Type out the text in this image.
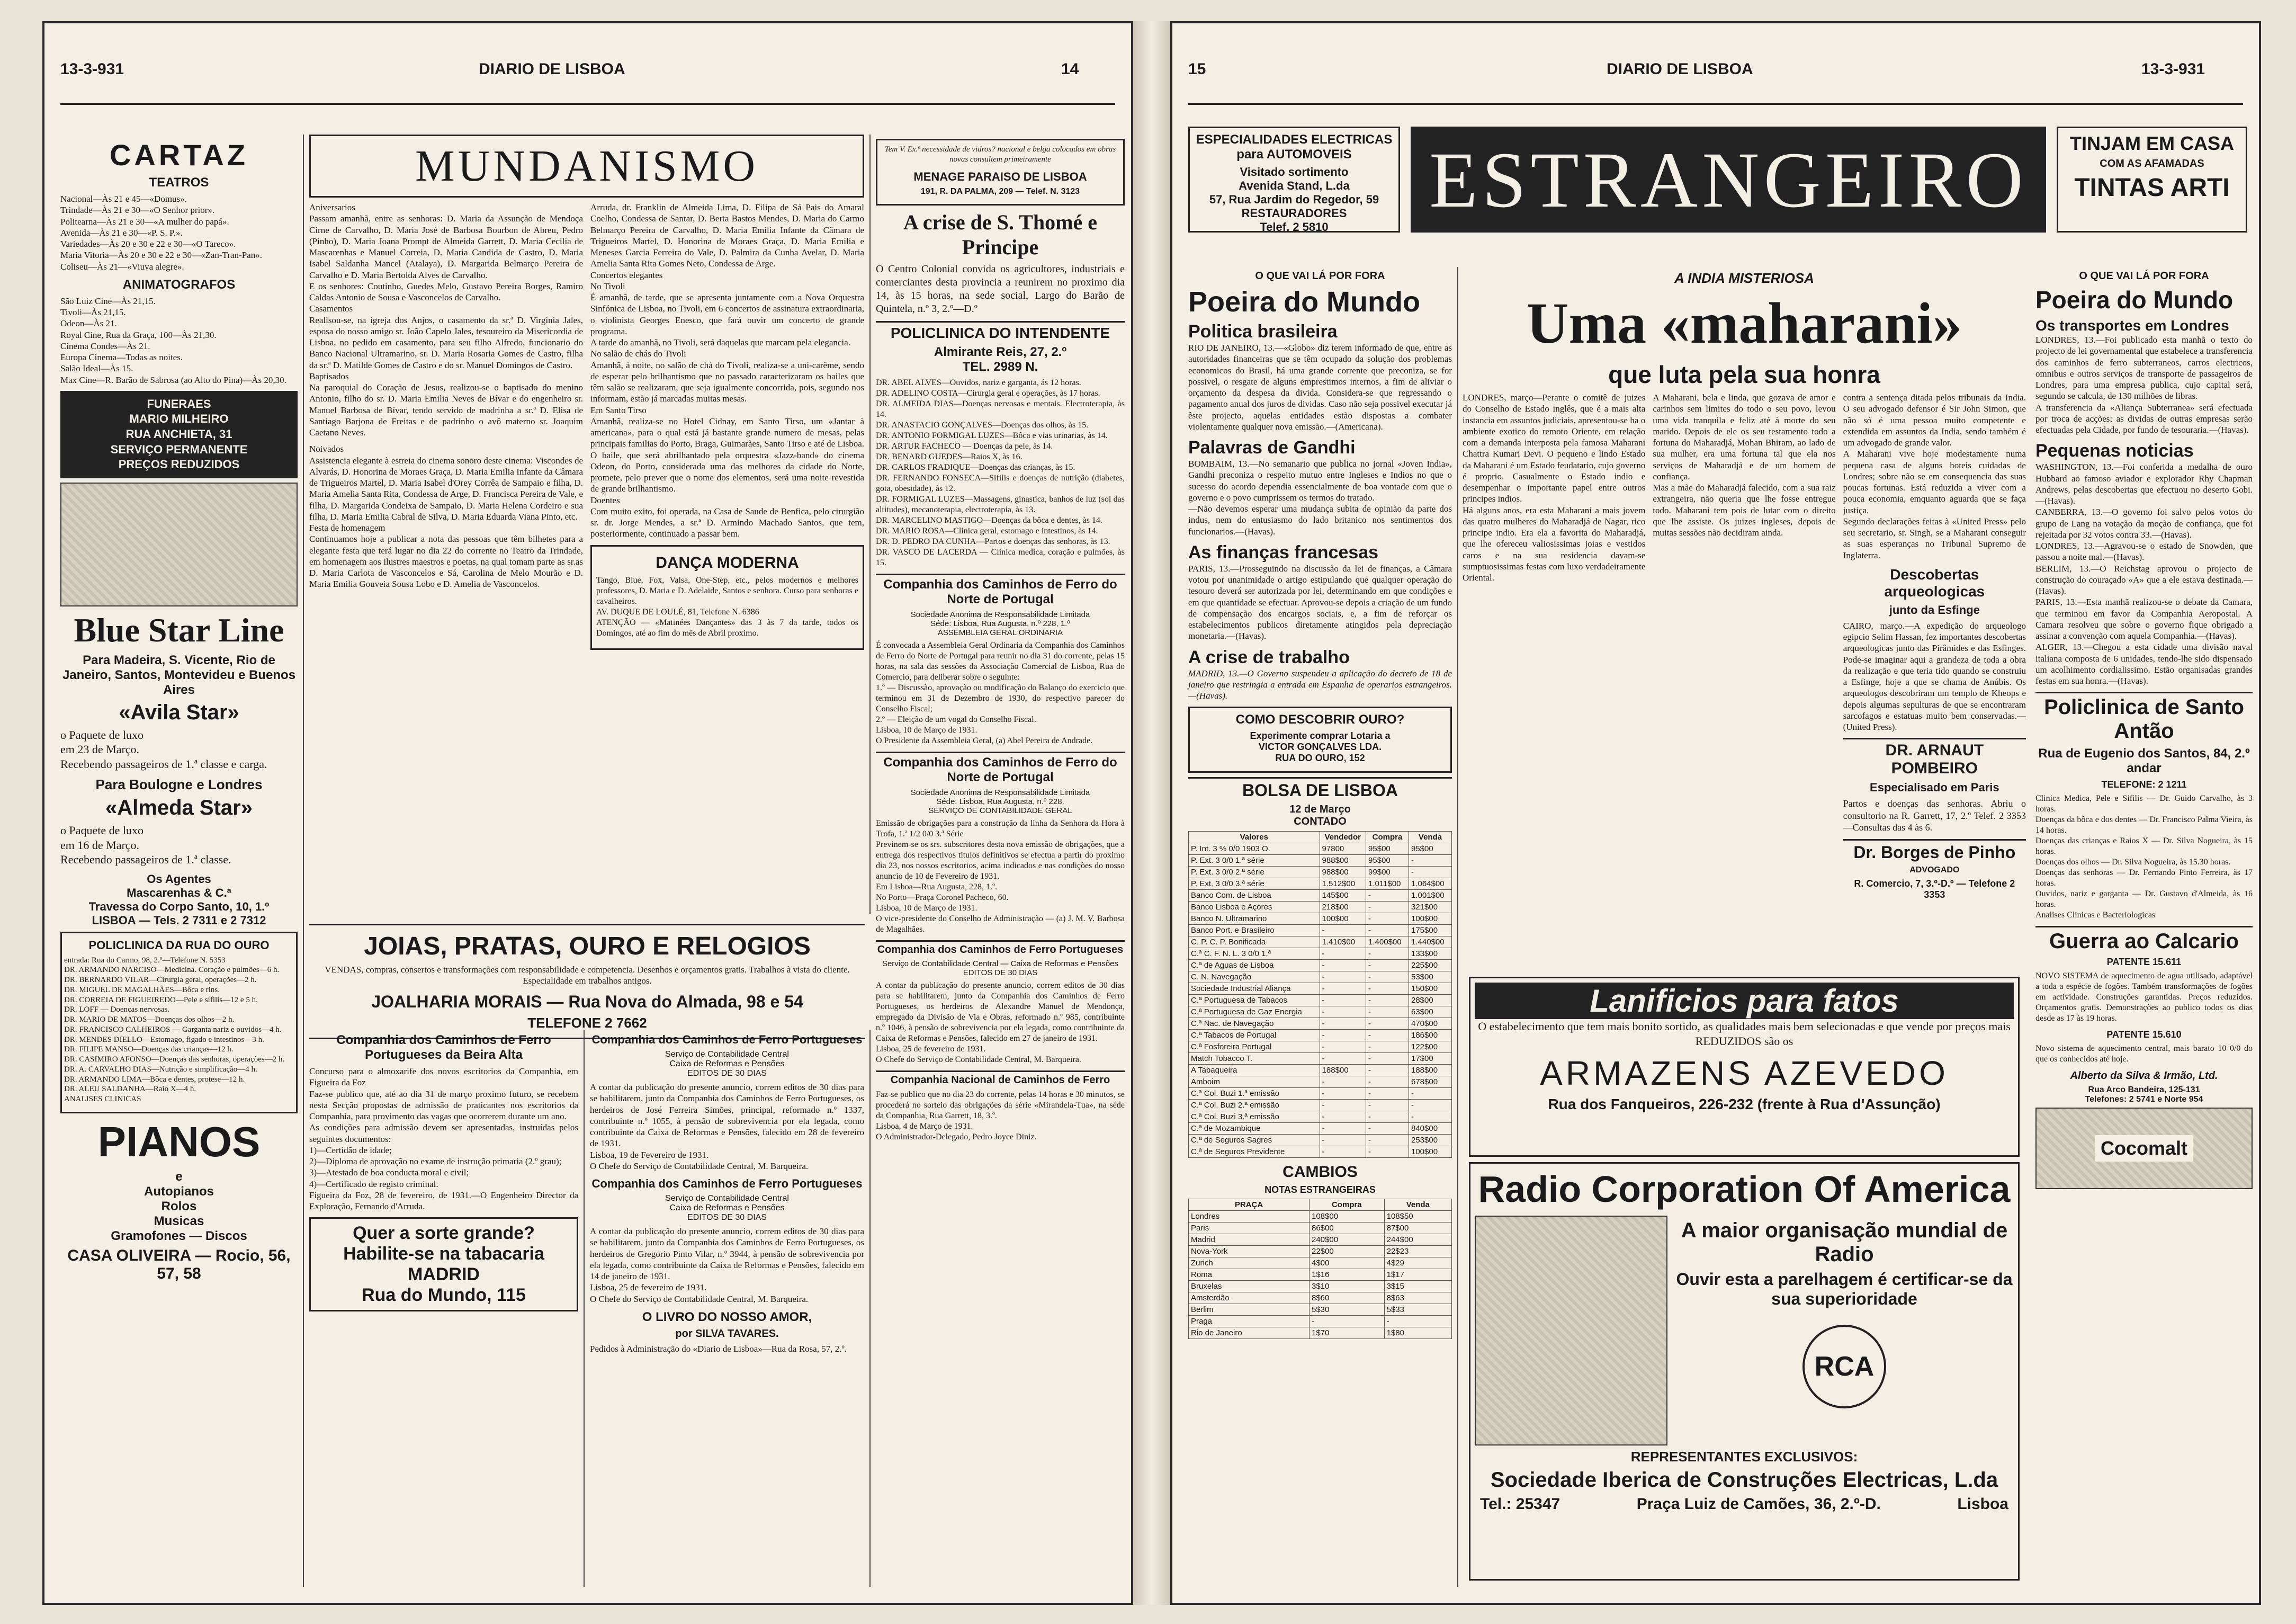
13-3-931	DIARIO DE LISBOA	14
CARTAZ
TEATROS
Nacional—Às 21 e 45—«Domus».
Trindade—Às 21 e 30—«O Senhor prior».
Politearna—Às 21 e 30—«A mulher do papá».
Avenida—Às 21 e 30—«P. S. P.».
Variedades—Às 20 e 30 e 22 e 30—«O Tareco».
Maria Vitoria—Às 20 e 30 e 22 e 30—«Zan-Tran-Pan».
Coliseu—Às 21—«Viuva alegre».
ANIMATOGRAFOS
São Luiz Cine—Às 21,15.
Tivoli—Às 21,15.
Odeon—Às 21.
Royal Cine, Rua da Graça, 100—Às 21,30.
Cinema Condes—Às 21.
Europa Cinema—Todas as noites.
Salão Ideal—Às 15.
Max Cine—R. Barão de Sabrosa (ao Alto do Pina)—Às 20,30.
FUNERAES
MARIO MILHEIRO
RUA ANCHIETA, 31
SERVIÇO PERMANENTE
PREÇOS REDUZIDOS
Blue Star Line
Para Madeira, S. Vicente, Rio de Janeiro, Santos, Montevideu e Buenos Aires
«Avila Star»
o Paquete de luxo
em 23 de Março.
Recebendo passageiros de 1.ª classe e carga.
Para Boulogne e Londres
«Almeda Star»
o Paquete de luxo
em 16 de Março.
Recebendo passageiros de 1.ª classe.
Os Agentes
Mascarenhas & C.ª
Travessa do Corpo Santo, 10, 1.º
LISBOA — Tels. 2 7311 e 2 7312
POLICLINICA DA RUA DO OURO
entrada: Rua do Carmo, 98, 2.º—Telefone N. 5353
DR. ARMANDO NARCISO—Medicina. Coração e pulmões—6 h.
DR. BERNARDO VILAR—Cirurgia geral, operações—2 h.
DR. MIGUEL DE MAGALHÃES—Bôca e rins.
DR. CORREIA DE FIGUEIREDO—Pele e sífilis—12 e 5 h.
DR. LOFF — Doenças nervosas.
DR. MARIO DE MATOS—Doenças dos olhos—2 h.
DR. FRANCISCO CALHEIROS — Garganta nariz e ouvidos—4 h.
DR. MENDES DIELLO—Estomago, figado e intestinos—3 h.
DR. FILIPE MANSO—Doenças das crianças—12 h.
DR. CASIMIRO AFONSO—Doenças das senhoras, operações—2 h.
DR. A. CARVALHO DIAS—Nutrição e simplificação—4 h.
DR. ARMANDO LIMA—Bôca e dentes, protese—12 h.
DR. ALEU SALDANHA—Raio X—4 h.
ANALISES CLINICAS
PIANOS
e
Autopianos
Rolos
Musicas
Gramofones — Discos
CASA OLIVEIRA — Rocio, 56, 57, 58
MUNDANISMO
Aniversarios
Passam amanhã, entre as senhoras: D. Maria da Assunção de Mendoça Cirne de Carvalho, D. Maria José de Barbosa Bourbon de Abreu, Pedro (Pinho), D. Maria Joana Prompt de Almeida Garrett, D. Maria Cecilia de Mascarenhas e Manuel Correia, D. Maria Candida de Castro, D. Maria Isabel Saldanha Mancel (Atalaya), D. Margarida Belmarço Pereira de Carvalho e D. Maria Bertolda Alves de Carvalho.
E os senhores: Coutinho, Guedes Melo, Gustavo Pereira Borges, Ramiro Caldas Antonio de Sousa e Vasconcelos de Carvalho.
Casamentos
Realisou-se, na igreja dos Anjos, o casamento da sr.ª D. Virginia Jales, esposa do nosso amigo sr. João Capelo Jales, tesoureiro da Misericordia de Lisboa, no pedido em casamento, para seu filho Alfredo, funcionario do Banco Nacional Ultramarino, sr. D. Maria Rosaria Gomes de Castro, filha da sr.ª D. Matilde Gomes de Castro e do sr. Manuel Domingos de Castro.
Baptisados
Na paroquial do Coração de Jesus, realizou-se o baptisado do menino Antonio, filho do sr. D. Maria Emilia Neves de Bívar e do engenheiro sr. Manuel Barbosa de Bívar, tendo servido de madrinha a sr.ª D. Elisa de Santiago Barjona de Freitas e de padrinho o avô materno sr. Joaquim Caetano Neves.
Noivados
Assistencia elegante à estreia do cinema sonoro deste cinema: Viscondes de Alvarás, D. Honorina de Moraes Graça, D. Maria Emilia Infante da Câmara de Trigueiros Martel, D. Maria Isabel d'Orey Corrêa de Sampaio e filha, D. Maria Amelia Santa Rita, Condessa de Arge, D. Francisca Pereira de Vale, e filha, D. Margarida Condeixa de Sampaio, D. Maria Helena Cordeiro e sua filha, D. Maria Emilia Cabral de Silva, D. Maria Eduarda Viana Pinto, etc.
Festa de homenagem
Continuamos hoje a publicar a nota das pessoas que têm bilhetes para a elegante festa que terá lugar no dia 22 do corrente no Teatro da Trindade, em homenagem aos ilustres maestros e poetas, na qual tomam parte as sr.as D. Maria Carlota de Vasconcelos e Sá, Carolina de Melo Mourão e D. Maria Emilia Gouveia Sousa Lobo e D. Amelia de Vasconcelos.
Arruda, dr. Franklin de Almeida Lima, D. Filipa de Sá Pais do Amaral Coelho, Condessa de Santar, D. Berta Bastos Mendes, D. Maria do Carmo Belmarço Pereira de Carvalho, D. Maria Emilia Infante da Câmara de Trigueiros Martel, D. Honorina de Moraes Graça, D. Maria Emilia e Meneses Garcia Ferreira do Vale, D. Palmira da Cunha Avelar, D. Maria Amelia Santa Rita Gomes Neto, Condessa de Arge.
Concertos elegantes
No Tivoli
É amanhã, de tarde, que se apresenta juntamente com a Nova Orquestra Sinfónica de Lisboa, no Tivoli, em 6 concertos de assinatura extraordinaria, o violinista Georges Enesco, que fará ouvir um concerto de grande programa.
A tarde do amanhã, no Tivoli, será daquelas que marcam pela elegancia.
No salão de chás do Tivoli
Amanhã, à noite, no salão de chá do Tivoli, realiza-se a uni-carême, sendo de esperar pelo brilhantismo que no passado caracterizaram os bailes que têm salão se realizaram, que seja igualmente concorrida, pois, segundo nos informam, estão já marcadas muitas mesas.
Em Santo Tirso
Amanhã, realiza-se no Hotel Cidnay, em Santo Tirso, um «Jantar à americana», para o qual está já bastante grande numero de mesas, pelas principais familias do Porto, Braga, Guimarães, Santo Tirso e até de Lisboa.
O baile, que será abrilhantado pela orquestra «Jazz-band» do cinema Odeon, do Porto, considerada uma das melhores da cidade do Norte, promete, pelo prever que o nome dos elementos, será uma noite revestida de grande brilhantismo.
Doentes
Com muito exito, foi operada, na Casa de Saude de Benfica, pelo cirurgião sr. dr. Jorge Mendes, a sr.ª D. Armindo Machado Santos, que tem, posteriormente, continuado a passar bem.
DANÇA MODERNA
Tango, Blue, Fox, Valsa, One-Step, etc., pelos modernos e melhores professores, D. Maria e D. Adelaide, Santos e senhora. Curso para senhoras e cavalheiros.
AV. DUQUE DE LOULÉ, 81, Telefone N. 6386
ATENÇÃO — «Matinées Dançantes» das 3 às 7 da tarde, todos os Domingos, até ao fim do mês de Abril proximo.
JOIAS, PRATAS, OURO E RELOGIOS
VENDAS, compras, consertos e transformações com responsabilidade e competencia. Desenhos e orçamentos gratis. Trabalhos à vista do cliente. Especialidade em trabalhos antigos.
JOALHARIA MORAIS — Rua Nova do Almada, 98 e 54
TELEFONE 2 7662
Companhia dos Caminhos de Ferro Portugueses da Beira Alta
Concurso para o almoxarife dos novos escritorios da Companhia, em Figueira da Foz
Faz-se publico que, até ao dia 31 de março proximo futuro, se recebem nesta Secção propostas de admissão de praticantes nos escritorios da Companhia, para provimento das vagas que ocorrerem durante um ano.
As condições para admissão devem ser apresentadas, instruídas pelos seguintes documentos:
1)—Certidão de idade;
2)—Diploma de aprovação no exame de instrução primaria (2.º grau);
3)—Atestado de boa conducta moral e civil;
4)—Certificado de registo criminal.
Figueira da Foz, 28 de fevereiro, de 1931.—O Engenheiro Director da Exploração, Fernando d'Arruda.
Quer a sorte grande?
Habilite-se na tabacaria MADRID
Rua do Mundo, 115
Companhia dos Caminhos de Ferro Portugueses
Serviço de Contabilidade Central
Caixa de Reformas e Pensões
EDITOS DE 30 DIAS
A contar da publicação do presente anuncio, correm editos de 30 dias para se habilitarem, junto da Companhia dos Caminhos de Ferro Portugueses, os herdeiros de José Ferreira Simões, principal, reformado n.º 1337, contribuinte n.º 1055, à pensão de sobrevivencia por ela legada, como contribuinte da Caixa de Reformas e Pensões, falecido em 28 de fevereiro de 1931.
Lisboa, 19 de Fevereiro de 1931.
O Chefe do Serviço de Contabilidade Central, M. Barqueira.
Companhia dos Caminhos de Ferro Portugueses
Serviço de Contabilidade Central
Caixa de Reformas e Pensões
EDITOS DE 30 DIAS
A contar da publicação do presente anuncio, correm editos de 30 dias para se habilitarem, junto da Companhia dos Caminhos de Ferro Portugueses, os herdeiros de Gregorio Pinto Vilar, n.º 3944, à pensão de sobrevivencia por ela legada, como contribuinte da Caixa de Reformas e Pensões, falecido em 14 de janeiro de 1931.
Lisboa, 25 de fevereiro de 1931.
O Chefe do Serviço de Contabilidade Central, M. Barqueira.
O LIVRO DO NOSSO AMOR,
por SILVA TAVARES.
Pedidos à Administração do «Diario de Lisboa»—Rua da Rosa, 57, 2.º.
Tem V. Ex.ª necessidade de vidros? nacional e belga colocados em obras novas consultem primeiramente
MENAGE PARAISO DE LISBOA
191, R. DA PALMA, 209 — Telef. N. 3123
A crise de S. Thomé e Principe
O Centro Colonial convida os agricultores, industriais e comerciantes desta provincia a reunirem no proximo dia 14, às 15 horas, na sede social, Largo do Barão de Quintela, n.º 3, 2.º—D.º
POLICLINICA DO INTENDENTE
Almirante Reis, 27, 2.º
TEL. 2989 N.
DR. ABEL ALVES—Ouvidos, nariz e garganta, ás 12 horas.
DR. ADELINO COSTA—Cirurgia geral e operações, às 17 horas.
DR. ALMEIDA DIAS—Doenças nervosas e mentais. Electroterapia, às 14.
DR. ANASTACIO GONÇALVES—Doenças dos olhos, às 15.
DR. ANTONIO FORMIGAL LUZES—Bôca e vias urinarias, às 14.
DR. ARTUR FACHECO — Doenças da pele, às 14.
DR. BENARD GUEDES—Raios X, às 16.
DR. CARLOS FRADIQUE—Doenças das crianças, às 15.
DR. FERNANDO FONSECA—Sifilis e doenças de nutrição (diabetes, gota, obesidade), às 12.
DR. FORMIGAL LUZES—Massagens, ginastica, banhos de luz (sol das altitudes), mecanoterapia, electroterapia, às 13.
DR. MARCELINO MASTIGO—Doenças da bôca e dentes, às 14.
DR. MARIO ROSA—Clinica geral, estomago e intestinos, às 14.
DR. D. PEDRO DA CUNHA—Partos e doenças das senhoras, às 13.
DR. VASCO DE LACERDA — Clinica medica, coração e pulmões, às 15.
Companhia dos Caminhos de Ferro do Norte de Portugal
Sociedade Anonima de Responsabilidade Limitada
Séde: Lisboa, Rua Augusta, n.º 228, 1.º
ASSEMBLEIA GERAL ORDINARIA
É convocada a Assembleia Geral Ordinaria da Companhia dos Caminhos de Ferro do Norte de Portugal para reunir no dia 31 do corrente, pelas 15 horas, na sala das sessões da Associação Comercial de Lisboa, Rua do Comercio, para deliberar sobre o seguinte:
1.º — Discussão, aprovação ou modificação do Balanço do exercicio que terminou em 31 de Dezembro de 1930, do respectivo parecer do Conselho Fiscal;
2.º — Eleição de um vogal do Conselho Fiscal.
Lisboa, 10 de Março de 1931.
O Presidente da Assembleia Geral, (a) Abel Pereira de Andrade.
Companhia dos Caminhos de Ferro do Norte de Portugal
Sociedade Anonima de Responsabilidade Limitada
Séde: Lisboa, Rua Augusta, n.º 228.
SERVIÇO DE CONTABILIDADE GERAL
Emissão de obrigações para a construção da linha da Senhora da Hora à Trofa, 1.ª 1/2 0/0 3.ª Série
Previnem-se os srs. subscritores desta nova emissão de obrigações, que a entrega dos respectivos titulos definitivos se efectua a partir do proximo dia 23, nos nossos escritorios, acima indicados e nas condições do nosso anuncio de 10 de Fevereiro de 1931.
Em Lisboa—Rua Augusta, 228, 1.º.
No Porto—Praça Coronel Pacheco, 60.
Lisboa, 10 de Março de 1931.
O vice-presidente do Conselho de Administração — (a) J. M. V. Barbosa de Magalhães.
Companhia dos Caminhos de Ferro Portugueses
Serviço de Contabilidade Central — Caixa de Reformas e Pensões
EDITOS DE 30 DIAS
A contar da publicação do presente anuncio, correm editos de 30 dias para se habilitarem, junto da Companhia dos Caminhos de Ferro Portugueses, os herdeiros de Alexandre Manuel de Mendonça, empregado da Divisão de Via e Obras, reformado n.º 985, contribuinte n.º 1046, à pensão de sobrevivencia por ela legada, como contribuinte da Caixa de Reformas e Pensões, falecido em 27 de janeiro de 1931.
Lisboa, 25 de fevereiro de 1931.
O Chefe do Serviço de Contabilidade Central, M. Barqueira.
Companhia Nacional de Caminhos de Ferro
Faz-se publico que no dia 23 do corrente, pelas 14 horas e 30 minutos, se procederá no sorteio das obrigações da série «Mirandela-Tua», na séde da Companhia, Rua Garrett, 18, 3.º.
Lisboa, 4 de Março de 1931.
O Administrador-Delegado, Pedro Joyce Diniz.
15	DIARIO DE LISBOA	13-3-931
ESPECIALIDADES ELECTRICAS
para AUTOMOVEIS
Visitado sortimento
Avenida Stand, L.da
57, Rua Jardim do Regedor, 59
RESTAURADORES
Telef. 2 5810
ESTRANGEIRO	TINJAM EM CASA
COM AS AFAMADAS
TINTAS ARTI
O QUE VAI LÁ POR FORA
Poeira do Mundo
Politica brasileira
RIO DE JANEIRO, 13.—«Globo» diz terem informado de que, entre as autoridades financeiras que se têm ocupado da solução dos problemas economicos do Brasil, há uma grande corrente que preconiza, se for possivel, o resgate de alguns emprestimos internos, a fim de aliviar o orçamento da despesa da divida. Considera-se que regressando o pagamento anual dos juros de dividas. Caso não seja possivel executar já êste projecto, aquelas entidades estão dispostas a combater violentamente qualquer nova emissão.—(Americana).
Palavras de Gandhi
BOMBAIM, 13.—No semanario que publica no jornal «Joven India», Gandhi preconiza o respeito mutuo entre Ingleses e Indios no que o sucesso do acordo dependia essencialmente de boa vontade com que o governo e o povo cumprissem os termos do tratado.
—Não devemos esperar uma mudança subita de opinião da parte dos indus, nem do entusiasmo do lado britanico nos sentimentos dos funcionarios.—(Havas).
As finanças francesas
PARIS, 13.—Prosseguindo na discussão da lei de finanças, a Câmara votou por unanimidade o artigo estipulando que qualquer operação do tesouro deverá ser autorizada por lei, determinando em que condições e em que quantidade se efectuar. Aprovou-se depois a criação de um fundo de compensação dos encargos sociais, e, a fim de reforçar os estabelecimentos publicos diretamente atingidos pela depreciação monetaria.—(Havas).
A crise de trabalho
MADRID, 13.—O Governo suspendeu a aplicação do decreto de 18 de janeiro que restringia a entrada em Espanha de operarios estrangeiros.—(Havas).
COMO DESCOBRIR OURO?
Experimente comprar Lotaria a
VICTOR GONÇALVES LDA.
RUA DO OURO, 152
BOLSA DE LISBOA
12 de Março
CONTADO
Valores	Vendedor	Compra	Venda
P. Int. 3 % 0/0 1903 O.	97800	95$00	95$00
P. Ext. 3 0/0 1.ª série	988$00	95$00	-
P. Ext. 3 0/0 2.ª série	988$00	99$00	-
P. Ext. 3 0/0 3.ª série	1.512$00	1.011$00	1.064$00
Banco Com. de Lisboa	145$00	-	1.001$00
Banco Lisboa e Açores	218$00	-	321$00
Banco N. Ultramarino	100$00	-	100$00
Banco Port. e Brasileiro	-	-	175$00
C. P. C. P. Bonificada	1.410$00	1.400$00	1.440$00
C.ª C. F. N. L. 3 0/0 1.ª	-	-	133$00
C.ª de Aguas de Lisboa	-	-	225$00
C. N. Navegação	-	-	53$00
Sociedade Industrial Aliança	-	-	150$00
C.ª Portuguesa de Tabacos	-	-	28$00
C.ª Portuguesa de Gaz Energia	-	-	63$00
C.ª Nac. de Navegação	-	-	470$00
C.ª Tabacos de Portugal	-	-	186$00
C.ª Fosforeira Portugal	-	-	122$00
Match Tobacco T.	-	-	17$00
A Tabaqueira	188$00	-	188$00
Amboim	-	-	678$00
C.ª Col. Buzi 1.ª emissão	-	-	-
C.ª Col. Buzi 2.ª emissão	-	-	-
C.ª Col. Buzi 3.ª emissão	-	-	-
C.ª de Mozambique	-	-	840$00
C.ª de Seguros Sagres	-	-	253$00
C.ª de Seguros Previdente	-	-	100$00
CAMBIOS
NOTAS ESTRANGEIRAS
PRAÇA	Compra	Venda
Londres	108$00	108$50
Paris	86$00	87$00
Madrid	240$00	244$00
Nova-York	22$00	22$23
Zurich	4$00	4$29
Roma	1$16	1$17
Bruxelas	3$10	3$15
Amsterdão	8$60	8$63
Berlim	5$30	5$33
Praga	-	-
Rio de Janeiro	1$70	1$80
A INDIA MISTERIOSA
Uma «maharani»
que luta pela sua honra
LONDRES, março—Perante o comitê de juizes do Conselho de Estado inglês, que é a mais alta instancia em assuntos judiciais, apresentou-se ha o ambiente exotico do remoto Oriente, em relação com a demanda interposta pela famosa Maharani Chattra Kumari Devi. O pequeno e lindo Estado da Maharani é um Estado feudatario, cujo governo é proprio. Casualmente o Estado indio e desempenhar o importante papel entre outros principes indios.
Há alguns anos, era esta Maharani a mais jovem das quatro mulheres do Maharadjá de Nagar, rico principe indio. Era ela a favorita do Maharadjá, que lhe ofereceu valiosissimas joias e vestidos caros e na sua residencia davam-se sumptuosissimas festas com luxo verdadeiramente Oriental.
A Maharani, bela e linda, que gozava de amor e carinhos sem limites do todo o seu povo, levou uma vida tranquila e feliz até à morte do seu marido. Depois de ele os seu testamento todo a fortuna do Maharadjá, Mohan Bhiram, ao lado de sua mulher, era uma fortuna tal que ela nos serviços de Maharadjá e de um homem de confiança.
Mas a mãe do Maharadjá falecido, com a sua raiz extrangeira, não queria que lhe fosse entregue todo. Maharani tem pois de lutar com o direito que lhe assiste. Os juizes ingleses, depois de muitas sessões não decidiram ainda.
contra a sentença ditada pelos tribunais da India. O seu advogado defensor é Sir John Simon, que não só é uma pessoa muito competente e extendida em assuntos da India, sendo também é um advogado de grande valor.
A Maharani vive hoje modestamente numa pequena casa de alguns hoteis cuidadas de Londres; sobre não se em consequencia das suas poucas fortunas. Está reduzida a viver com a pouca economia, emquanto aguarda que se faça justiça.
Segundo declarações feitas à «United Press» pelo seu secretario, sr. Singh, se a Maharani conseguir as suas esperanças no Tribunal Supremo de Inglaterra.
Descobertas arqueologicas
junto da Esfinge
CAIRO, março.—A expedição do arqueologo egipcio Selim Hassan, fez importantes descobertas arqueologicas junto das Pirâmides e das Esfinges. Pode-se imaginar aqui a grandeza de toda a obra da realização e que teria tido quando se construiu a Esfinge, hoje a que se chama de Anúbis. Os arqueologos descobriram um templo de Kheops e depois algumas sepulturas de que se encontraram sarcofagos e estatuas muito bem conservadas.—(United Press).
DR. ARNAUT POMBEIRO
Especialisado em Paris
Partos e doenças das senhoras. Abriu o consultorio na R. Garrett, 17, 2.º Telef. 2 3353—Consultas das 4 às 6.
Dr. Borges de Pinho
ADVOGADO
R. Comercio, 7, 3.º-D.º — Telefone 2 3353
Lanificios para fatos
O estabelecimento que tem mais bonito sortido, as qualidades mais bem selecionadas e que vende por preços mais REDUZIDOS são os
ARMAZENS AZEVEDO
Rua dos Fanqueiros, 226-232 (frente à Rua d'Assunção)
Radio Corporation Of America
A maior organisação mundial de Radio
Ouvir esta a parelhagem é certificar-se da sua superioridade
RCA
REPRESENTANTES EXCLUSIVOS:
Sociedade Iberica de Construções Electricas, L.da
Tel.: 25347	Praça Luiz de Camões, 36, 2.º-D.	Lisboa
O QUE VAI LÁ POR FORA
Poeira do Mundo
Os transportes em Londres
LONDRES, 13.—Foi publicado esta manhã o texto do projecto de lei governamental que estabelece a transferencia dos caminhos de ferro subterraneos, carros electricos, omnibus e outros serviços de transporte de passageiros de Londres, para uma empresa publica, cujo capital será, segundo se calcula, de 130 milhões de libras.
A transferencia da «Aliança Subterranea» será efectuada por troca de acções; as dividas de outras empresas serão efectuadas pela Cidade, por fundo de tesouraria.—(Havas).
Pequenas noticias
WASHINGTON, 13.—Foi conferida a medalha de ouro Hubbard ao famoso aviador e explorador Rhy Chapman Andrews, pelas descobertas que efectuou no deserto Gobi.—(Havas).
CANBERRA, 13.—O governo foi salvo pelos votos do grupo de Lang na votação da moção de confiança, que foi rejeitada por 32 votos contra 33.—(Havas).
LONDRES, 13.—Agravou-se o estado de Snowden, que passou a noite mal.—(Havas).
BERLIM, 13.—O Reichstag aprovou o projecto de construção do couraçado «A» que a ele estava destinada.—(Havas).
PARIS, 13.—Esta manhã realizou-se o debate da Camara, que terminou em favor da Companhia Aeropostal. A Camara resolveu que sobre o governo fique obrigado a assinar a convenção com aquela Companhia.—(Havas).
ALGER, 13.—Chegou a esta cidade uma divisão naval italiana composta de 6 unidades, tendo-lhe sido dispensado um acolhimento cordialissimo. Estão organisadas grandes festas em sua honra.—(Havas).
Policlinica de Santo Antão
Rua de Eugenio dos Santos, 84, 2.º andar
TELEFONE: 2 1211
Clinica Medica, Pele e Sifilis — Dr. Guido Carvalho, às 3 horas.
Doenças da bôca e dos dentes — Dr. Francisco Palma Vieira, às 14 horas.
Doenças das crianças e Raios X — Dr. Silva Nogueira, às 15 horas.
Doenças dos olhos — Dr. Silva Nogueira, às 15.30 horas.
Doenças das senhoras — Dr. Fernando Pinto Ferreira, às 17 horas.
Ouvidos, nariz e garganta — Dr. Gustavo d'Almeida, às 16 horas.
Analises Clinicas e Bacteriologicas
Guerra ao Calcario
PATENTE 15.611
NOVO SISTEMA de aquecimento de agua utilisado, adaptável a toda a espécie de fogões. Também transformações de fogões em actividade. Construções garantidas. Preços reduzidos. Orçamentos gratis. Demonstrações ao publico todos os dias desde as 17 às 19 horas.
PATENTE 15.610
Novo sistema de aquecimento central, mais barato 10 0/0 do que os conhecidos até hoje.
Alberto da Silva & Irmão, Ltd.
Rua Arco Bandeira, 125-131
Telefones: 2 5741 e Norte 954
Cocomalt
